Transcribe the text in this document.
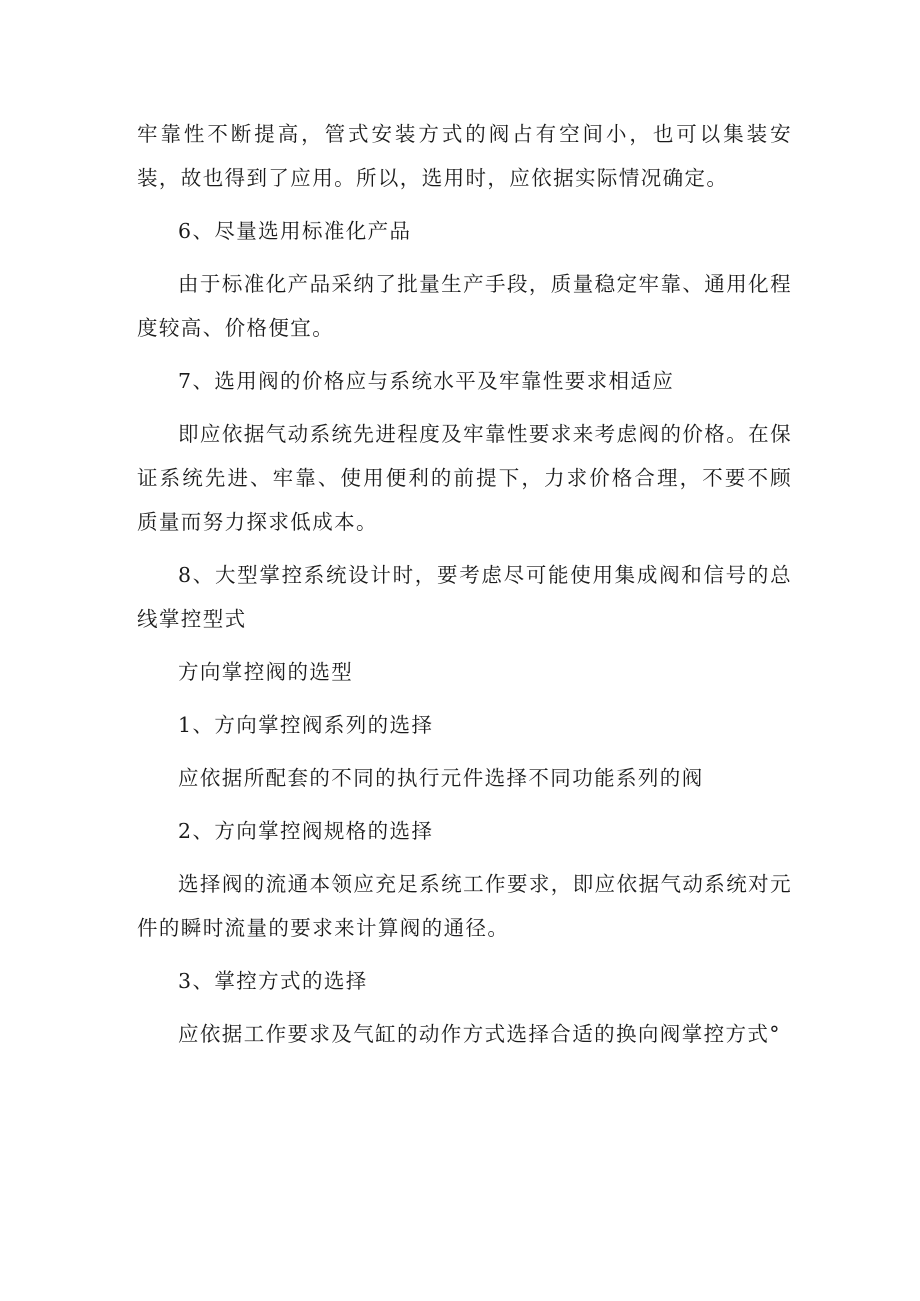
牢靠性不断提高，管式安装方式的阀占有空间小，也可以集装安装，故也得到了应用。所以，选用时，应依据实际情况确定。

6、尽量选用标准化产品

由于标准化产品采纳了批量生产手段，质量稳定牢靠、通用化程度较高、价格便宜。

7、选用阀的价格应与系统水平及牢靠性要求相适应

即应依据气动系统先进程度及牢靠性要求来考虑阀的价格。在保证系统先进、牢靠、使用便利的前提下，力求价格合理，不要不顾质量而努力探求低成本。

8、大型掌控系统设计时，要考虑尽可能使用集成阀和信号的总线掌控型式

方向掌控阀的选型

1、方向掌控阀系列的选择

应依据所配套的不同的执行元件选择不同功能系列的阀

2、方向掌控阀规格的选择

选择阀的流通本领应充足系统工作要求，即应依据气动系统对元件的瞬时流量的要求来计算阀的通径。

3、掌控方式的选择

应依据工作要求及气缸的动作方式选择合适的换向阀掌控方式°
